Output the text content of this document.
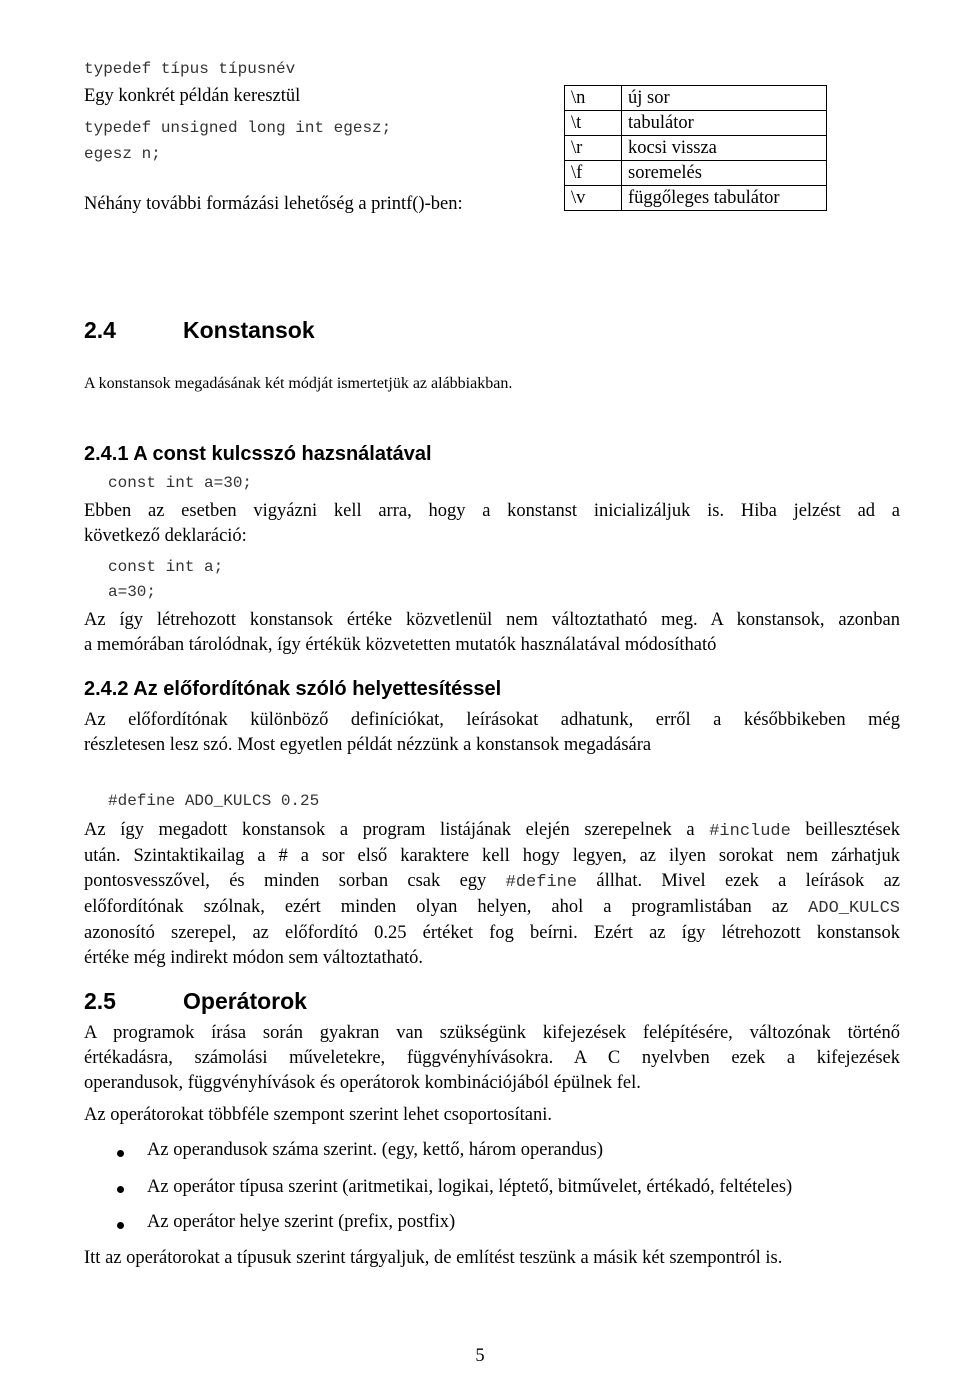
typedef típus típusnév
Egy konkrét példán keresztül
typedef unsigned long int egesz;
egesz n;
Néhány további formázási lehetőség a printf()-ben:
\n	új sor
\t	tabulátor
\r	kocsi vissza
\f	soremelés
\v	függőleges tabulátor
2.4	Konstansok
A konstansok megadásának két módját ismertetjük az alábbiakban.
2.4.1 A const kulcsszó hazsnálatával
const int a=30;
Ebben az esetben vigyázni kell arra, hogy a konstanst inicializáljuk is. Hiba jelzést ad a
következő deklaráció:
const int a;
a=30;
Az így létrehozott konstansok értéke közvetlenül nem változtatható meg. A konstansok, azonban
a memórában tárolódnak, így értékük közvetetten mutatók használatával módosítható
2.4.2 Az előfordítónak szóló helyettesítéssel
Az előfordítónak különböző definíciókat, leírásokat adhatunk, erről a későbbikeben még
részletesen lesz szó. Most egyetlen példát nézzünk a konstansok megadására
#define ADO_KULCS 0.25
Az így megadott konstansok a program listájának elején szerepelnek a #include beillesztések
után. Szintaktikailag a # a sor első karaktere kell hogy legyen, az ilyen sorokat nem zárhatjuk
pontosvesszővel, és minden sorban csak egy #define állhat. Mivel ezek a leírások az
előfordítónak szólnak, ezért minden olyan helyen, ahol a programlistában az ADO_KULCS
azonosító szerepel, az előfordító 0.25 értéket fog beírni. Ezért az így létrehozott konstansok
értéke még indirekt módon sem változtatható.
2.5	Operátorok
A programok írása során gyakran van szükségünk kifejezések felépítésére, változónak történő
értékadásra, számolási műveletekre, függvényhívásokra. A C nyelvben ezek a kifejezések
operandusok, függvényhívások és operátorok kombinációjából épülnek fel.
Az operátorokat többféle szempont szerint lehet csoportosítani.
Az operandusok száma szerint. (egy, kettő, három operandus)
Az operátor típusa szerint (aritmetikai, logikai, léptető, bitművelet, értékadó, feltételes)
Az operátor helye szerint (prefix, postfix)
Itt az operátorokat a típusuk szerint tárgyaljuk, de említést teszünk a másik két szempontról is.
5
